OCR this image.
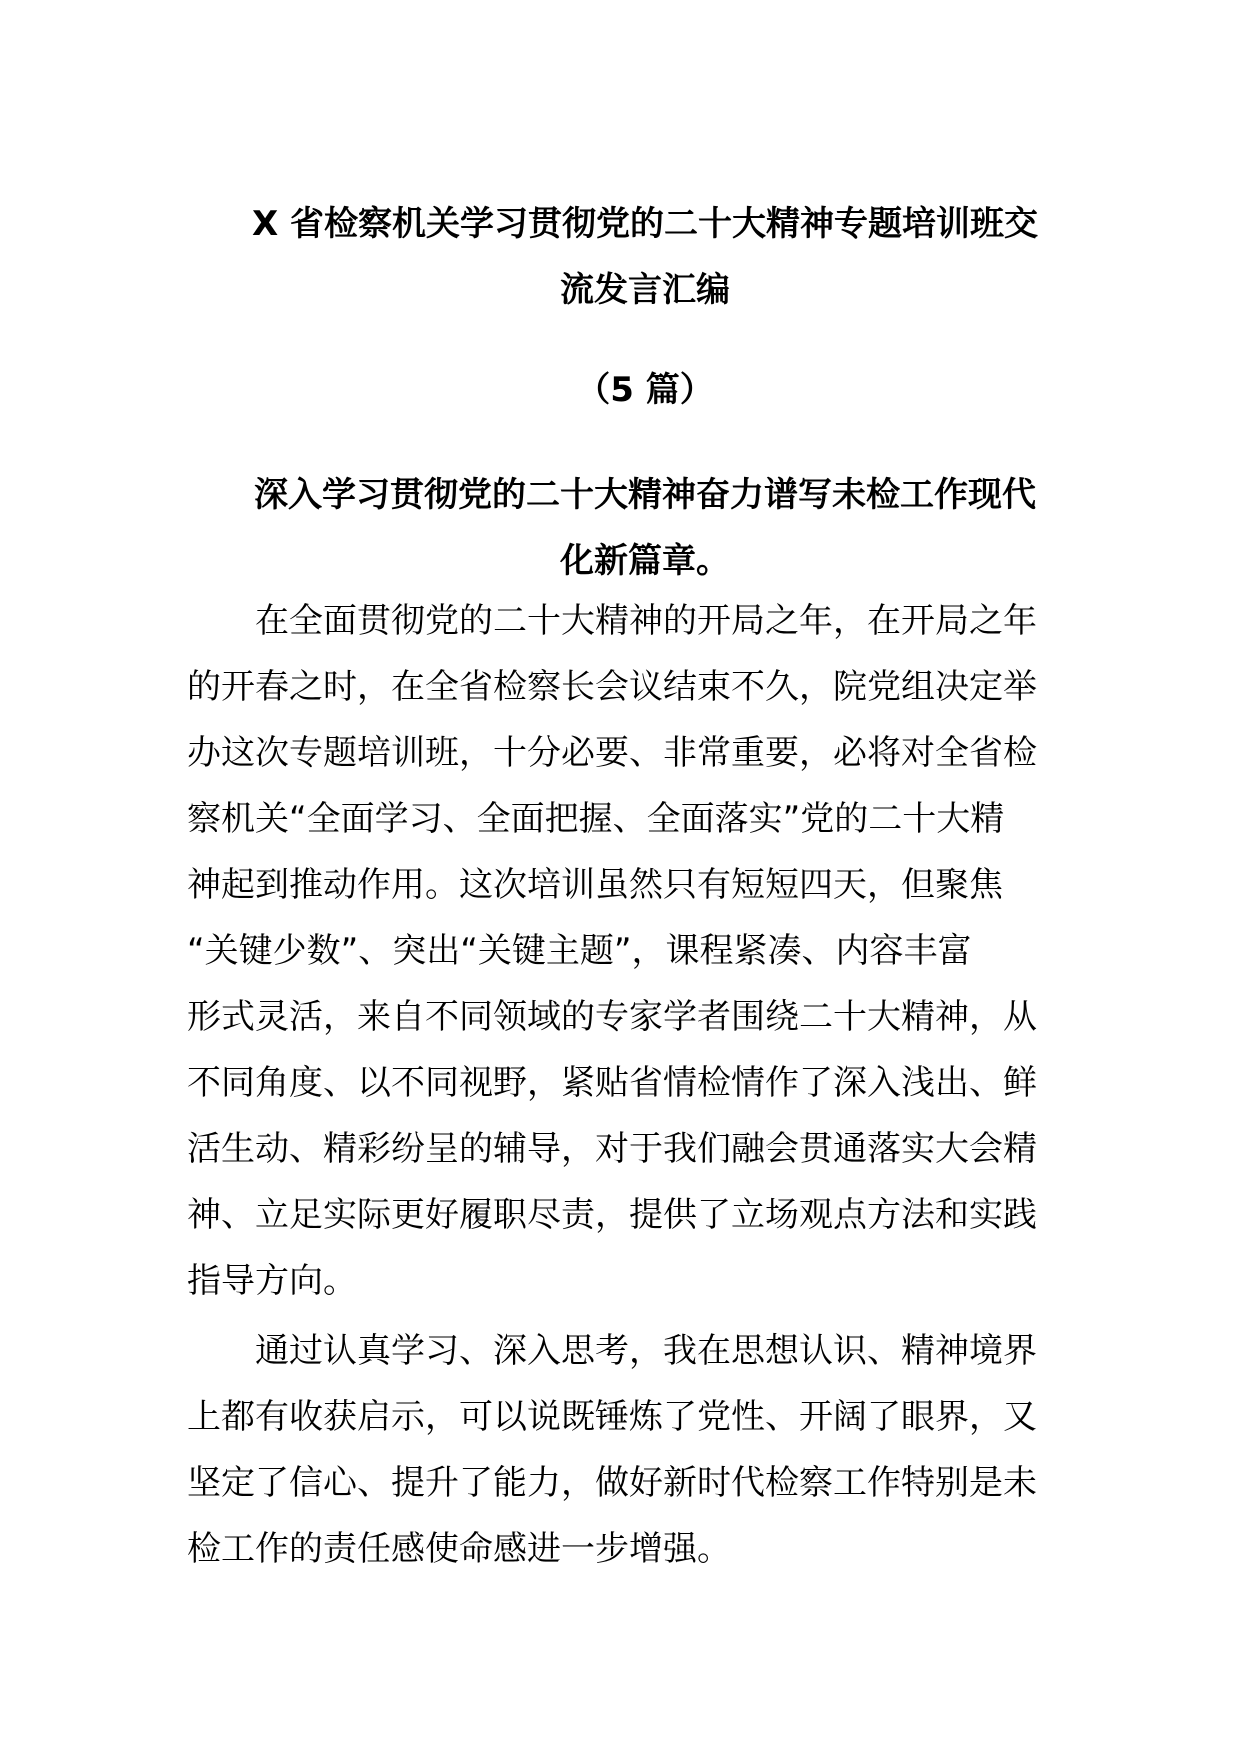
X 省检察机关学习贯彻党的二十大精神专题培训班交
流发言汇编
（5 篇）
深入学习贯彻党的二十大精神奋力谱写未检工作现代
化新篇章。
在全面贯彻党的二十大精神的开局之年，在开局之年
的开春之时，在全省检察长会议结束不久，院党组决定举
办这次专题培训班，十分必要、非常重要，必将对全省检
察机关“全面学习、全面把握、全面落实”党的二十大精
神起到推动作用。这次培训虽然只有短短四天，但聚焦
“关键少数”、突出“关键主题”，课程紧凑、内容丰富
形式灵活，来自不同领域的专家学者围绕二十大精神，从
不同角度、以不同视野，紧贴省情检情作了深入浅出、鲜
活生动、精彩纷呈的辅导，对于我们融会贯通落实大会精
神、立足实际更好履职尽责，提供了立场观点方法和实践
指导方向。
通过认真学习、深入思考，我在思想认识、精神境界
上都有收获启示，可以说既锤炼了党性、开阔了眼界，又
坚定了信心、提升了能力，做好新时代检察工作特别是未
检工作的责任感使命感进一步增强。
